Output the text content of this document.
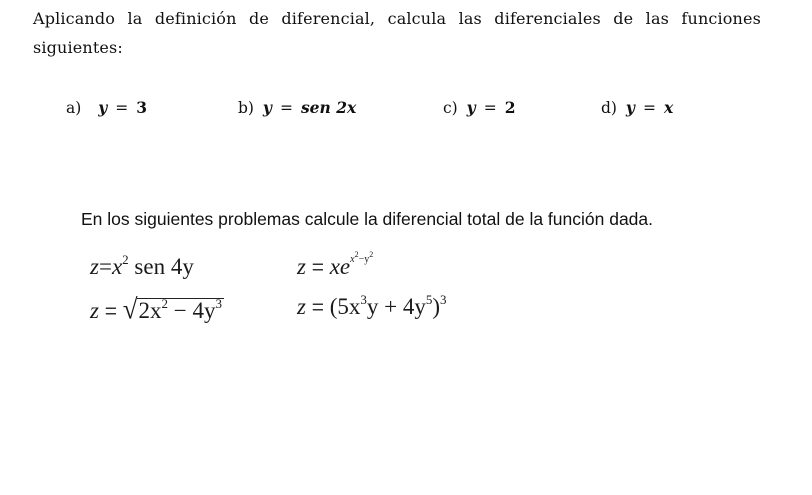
Aplicando la definición de diferencial, calcula las diferenciales de las funciones siguientes:
a) y = 3	b) y = sen 2x	c) y = 2	d) y = x
En los siguientes problemas calcule la diferencial total de la función dada.
$z=x^2$ sen 4y	$z = xe^{x^2-y^2}$
$z = √2x^2 - 4y^3$	$z = (5x^3y + 4y^5)^3$
